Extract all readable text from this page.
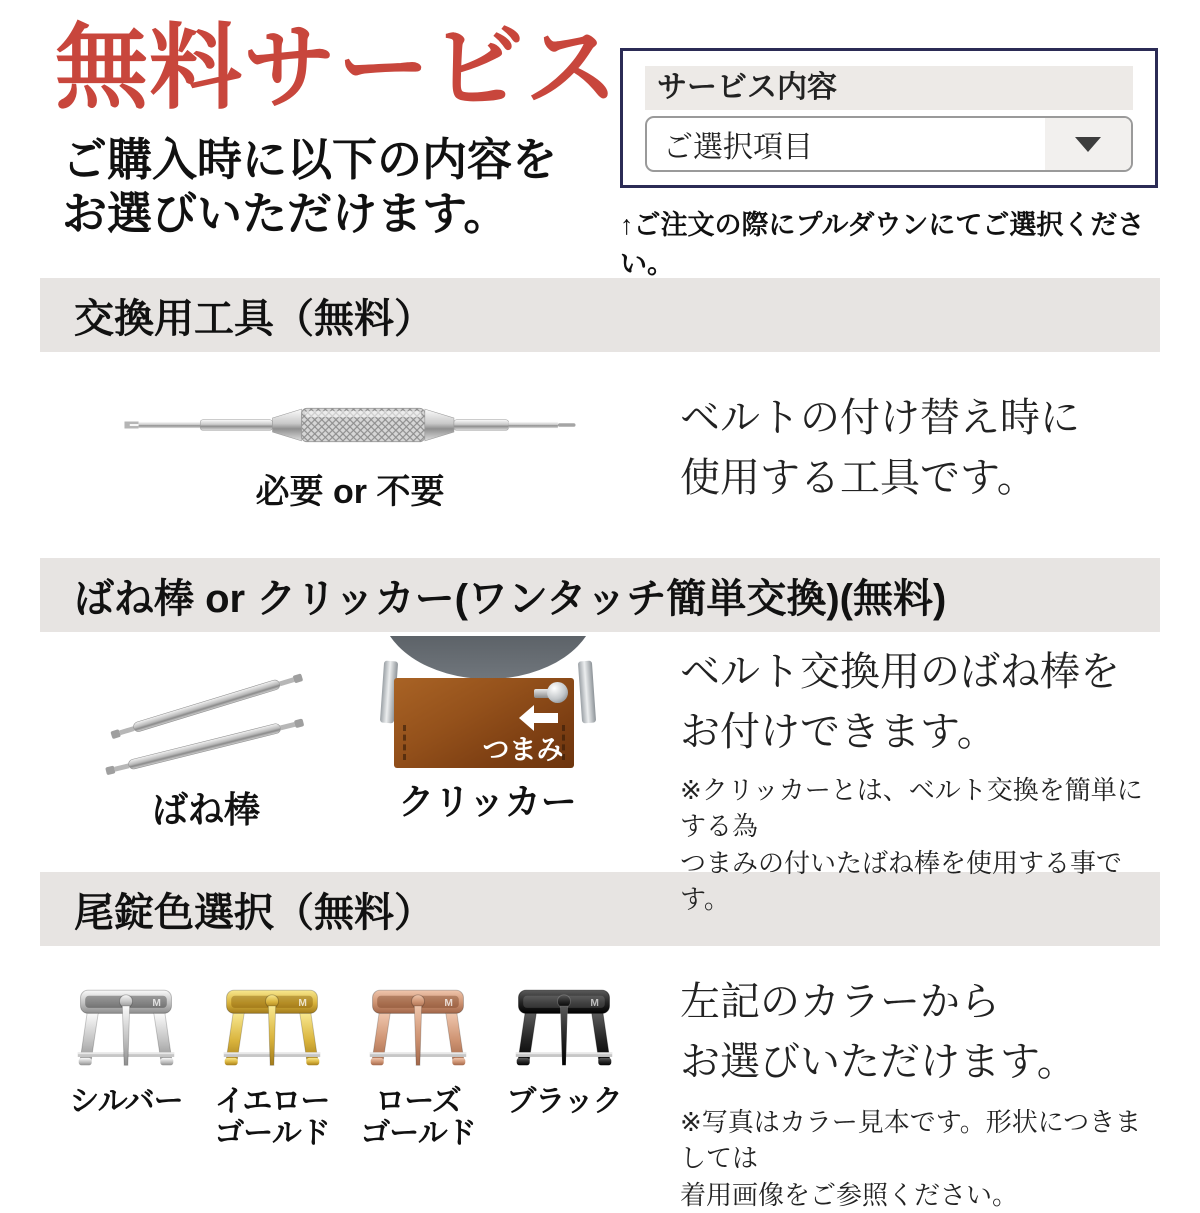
無料サービス
ご購入時に以下の内容を
お選びいただけます。
サービス内容
ご選択項目
↑ご注文の際にプルダウンにてご選択ください。
交換用工具（無料）
必要 or 不要
ベルトの付け替え時に
使用する工具です。
ばね棒 or クリッカー(ワンタッチ簡単交換)(無料)
ばね棒
つまみ
クリッカー
ベルト交換用のばね棒を
お付けできます。
※クリッカーとは、ベルト交換を簡単にする為
つまみの付いたばね棒を使用する事です。
尾錠色選択（無料）
M
シルバー
M
イエロー
ゴールド
M
ローズ
ゴールド
M
ブラック
左記のカラーから
お選びいただけます。
※写真はカラー見本です。形状につきましては
着用画像をご参照ください。
